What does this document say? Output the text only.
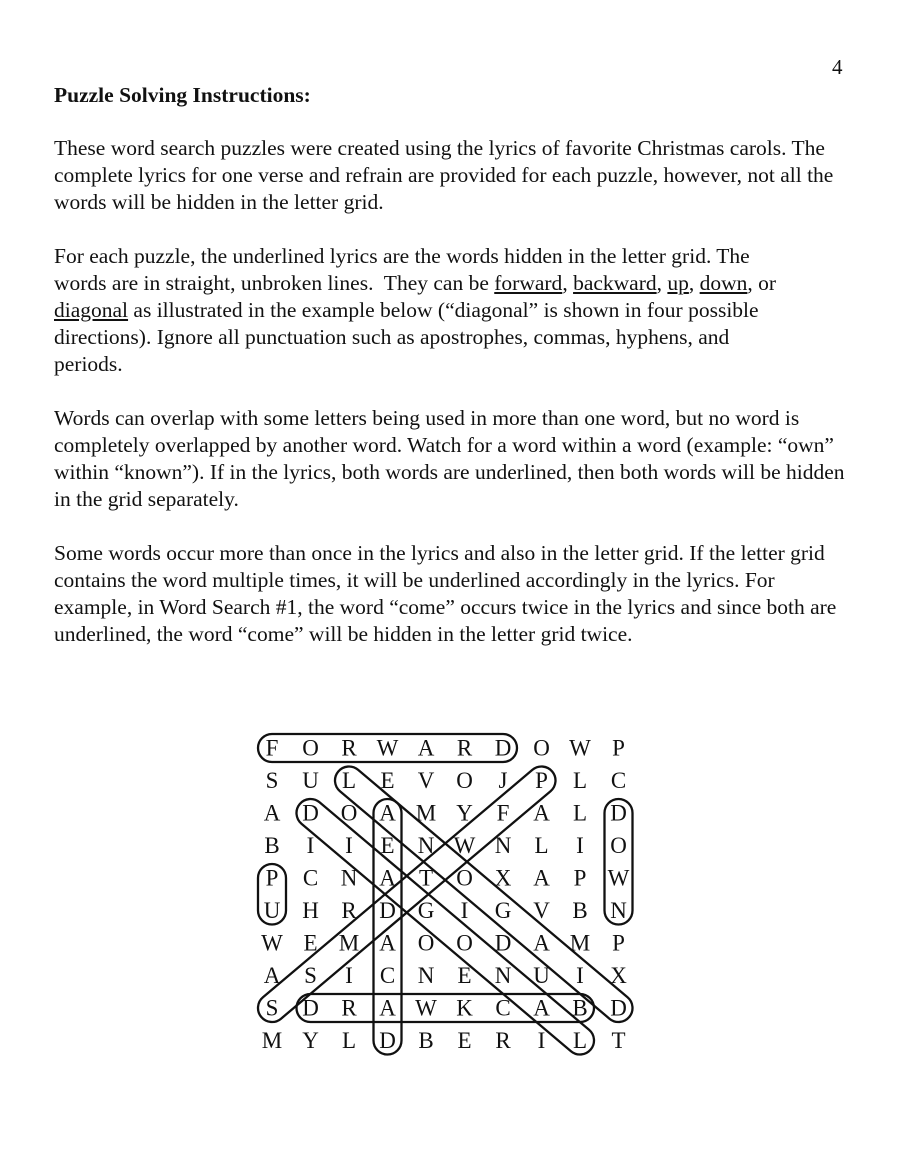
4
Puzzle Solving Instructions:

These word search puzzles were created using the lyrics of favorite Christmas carols. The complete lyrics for one verse and refrain are provided for each puzzle, however, not all the words will be hidden in the letter grid.

For each puzzle, the underlined lyrics are the words hidden in the letter grid. The
words are in straight, unbroken lines.  They can be forward, backward, up, down, or
diagonal as illustrated in the example below (“diagonal” is shown in four possible
directions). Ignore all punctuation such as apostrophes, commas, hyphens, and
periods.

Words can overlap with some letters being used in more than one word, but no word is completely overlapped by another word. Watch for a word within a word (example: “own” within “known”). If in the lyrics, both words are underlined, then both words will be hidden in the grid separately.

Some words occur more than once in the lyrics and also in the letter grid. If the letter grid contains the word multiple times, it will be underlined accordingly in the lyrics. For example, in Word Search #1, the word “come” occurs twice in the lyrics and since both are underlined, the word “come” will be hidden in the letter grid twice.

F O R W A R D O W P
S U L E V O J P L C
A D O A M Y F A L D
B I I E N W N L I O
P C N A T O X A P W
U H R D G I G V B N
W E M A O O D A M P
A S I C N E N U I X
S D R A W K C A B D
M Y L D B E R I L T
